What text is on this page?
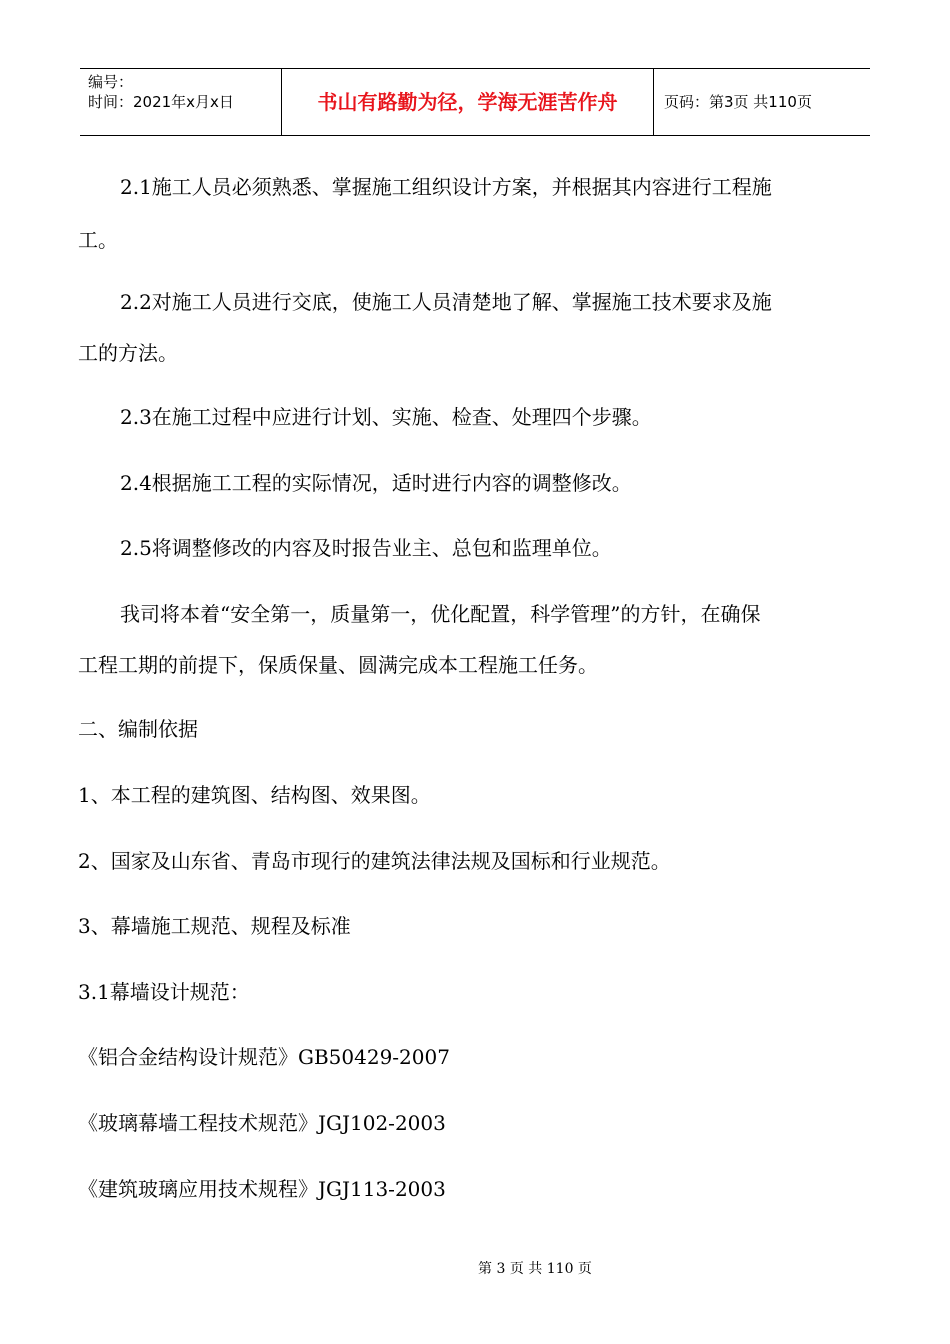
编号：
时间：2021年x月x日	书山有路勤为径，学海无涯苦作舟	页码：第3页 共110页

2.1施工人员必须熟悉、掌握施工组织设计方案，并根据其内容进行工程施

工。

2.2对施工人员进行交底，使施工人员清楚地了解、掌握施工技术要求及施

工的方法。

2.3在施工过程中应进行计划、实施、检查、处理四个步骤。

2.4根据施工工程的实际情况，适时进行内容的调整修改。

2.5将调整修改的内容及时报告业主、总包和监理单位。

我司将本着“安全第一，质量第一，优化配置，科学管理”的方针，在确保

工程工期的前提下，保质保量、圆满完成本工程施工任务。

二、编制依据

1、本工程的建筑图、结构图、效果图。

2、国家及山东省、青岛市现行的建筑法律法规及国标和行业规范。

3、幕墙施工规范、规程及标准

3.1幕墙设计规范：

《铝合金结构设计规范》GB50429-2007

《玻璃幕墙工程技术规范》JGJ102-2003

《建筑玻璃应用技术规程》JGJ113-2003

第 3 页 共 110 页
